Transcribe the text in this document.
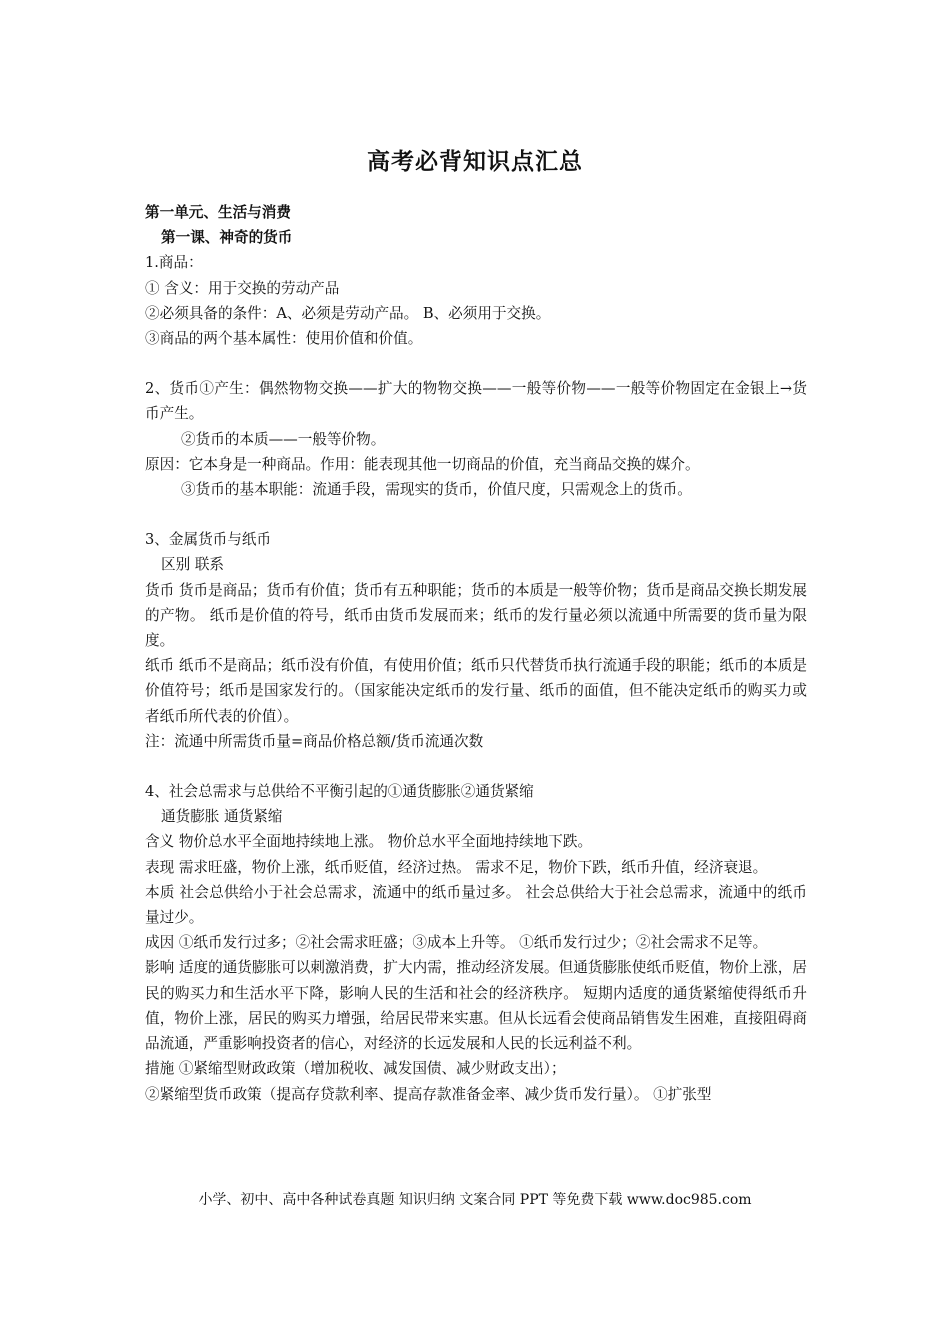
高考必背知识点汇总

第一单元、生活与消费

第一课、神奇的货币

1.商品：

① 含义：用于交换的劳动产品

②必须具备的条件：A、必须是劳动产品。 B、必须用于交换。

③商品的两个基本属性：使用价值和价值。

2、货币①产生：偶然物物交换——扩大的物物交换——一般等价物——一般等价物固定在金银上→货币产生。

②货币的本质——一般等价物。

原因：它本身是一种商品。作用：能表现其他一切商品的价值，充当商品交换的媒介。

③货币的基本职能：流通手段，需现实的货币，价值尺度，只需观念上的货币。

3、金属货币与纸币

区别 联系

货币 货币是商品；货币有价值；货币有五种职能；货币的本质是一般等价物；货币是商品交换长期发展的产物。 纸币是价值的符号，纸币由货币发展而来；纸币的发行量必须以流通中所需要的货币量为限度。

纸币 纸币不是商品；纸币没有价值，有使用价值；纸币只代替货币执行流通手段的职能；纸币的本质是价值符号；纸币是国家发行的。（国家能决定纸币的发行量、纸币的面值，但不能决定纸币的购买力或者纸币所代表的价值）。

注：流通中所需货币量=商品价格总额/货币流通次数

4、社会总需求与总供给不平衡引起的①通货膨胀②通货紧缩

通货膨胀 通货紧缩

含义 物价总水平全面地持续地上涨。 物价总水平全面地持续地下跌。

表现 需求旺盛，物价上涨，纸币贬值，经济过热。 需求不足，物价下跌，纸币升值，经济衰退。

本质 社会总供给小于社会总需求，流通中的纸币量过多。 社会总供给大于社会总需求，流通中的纸币量过少。

成因 ①纸币发行过多；②社会需求旺盛；③成本上升等。 ①纸币发行过少；②社会需求不足等。

影响 适度的通货膨胀可以刺激消费，扩大内需，推动经济发展。但通货膨胀使纸币贬值，物价上涨，居民的购买力和生活水平下降，影响人民的生活和社会的经济秩序。 短期内适度的通货紧缩使得纸币升值，物价上涨，居民的购买力增强，给居民带来实惠。但从长远看会使商品销售发生困难，直接阻碍商品流通，严重影响投资者的信心，对经济的长远发展和人民的长远利益不利。

措施 ①紧缩型财政政策（增加税收、减发国债、减少财政支出）；

②紧缩型货币政策（提高存贷款利率、提高存款准备金率、减少货币发行量）。 ①扩张型

小学、初中、高中各种试卷真题 知识归纳 文案合同 PPT 等免费下载 www.doc985.com
